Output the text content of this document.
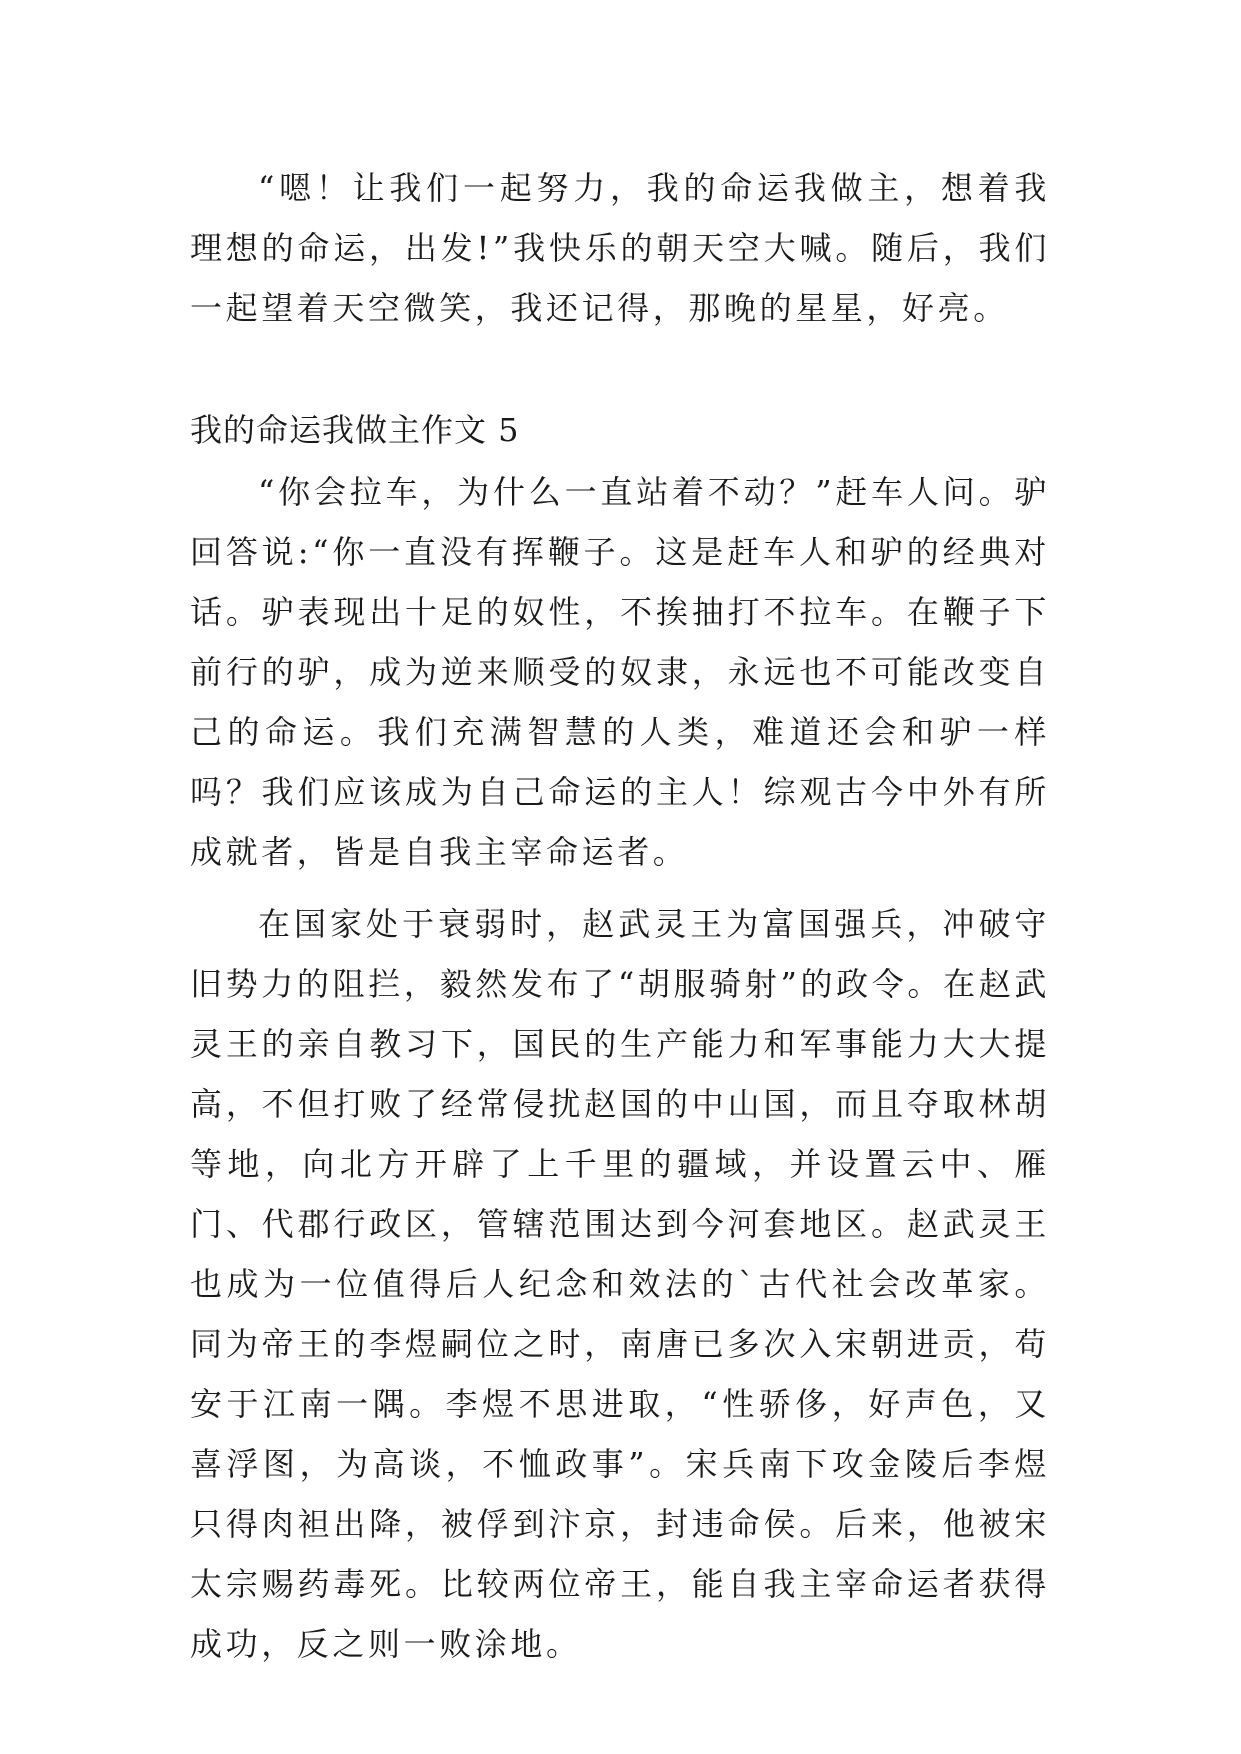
“嗯！让我们一起努力，我的命运我做主，想着我理想的命运，出发!”我快乐的朝天空大喊。随后，我们一起望着天空微笑，我还记得，那晚的星星，好亮。

我的命运我做主作文 5

“你会拉车，为什么一直站着不动？”赶车人问。驴回答说:“你一直没有挥鞭子。这是赶车人和驴的经典对话。驴表现出十足的奴性，不挨抽打不拉车。在鞭子下前行的驴，成为逆来顺受的奴隶，永远也不可能改变自己的命运。我们充满智慧的人类，难道还会和驴一样吗？我们应该成为自己命运的主人！综观古今中外有所成就者，皆是自我主宰命运者。

在国家处于衰弱时，赵武灵王为富国强兵，冲破守旧势力的阻拦，毅然发布了“胡服骑射”的政令。在赵武灵王的亲自教习下，国民的生产能力和军事能力大大提高，不但打败了经常侵扰赵国的中山国，而且夺取林胡等地，向北方开辟了上千里的疆域，并设置云中、雁门、代郡行政区，管辖范围达到今河套地区。赵武灵王也成为一位值得后人纪念和效法的`古代社会改革家。同为帝王的李煜嗣位之时，南唐已多次入宋朝进贡，苟安于江南一隅。李煜不思进取，“性骄侈，好声色，又喜浮图，为高谈，不恤政事”。宋兵南下攻金陵后李煜只得肉袒出降，被俘到汴京，封违命侯。后来，他被宋太宗赐药毒死。比较两位帝王，能自我主宰命运者获得成功，反之则一败涂地。
